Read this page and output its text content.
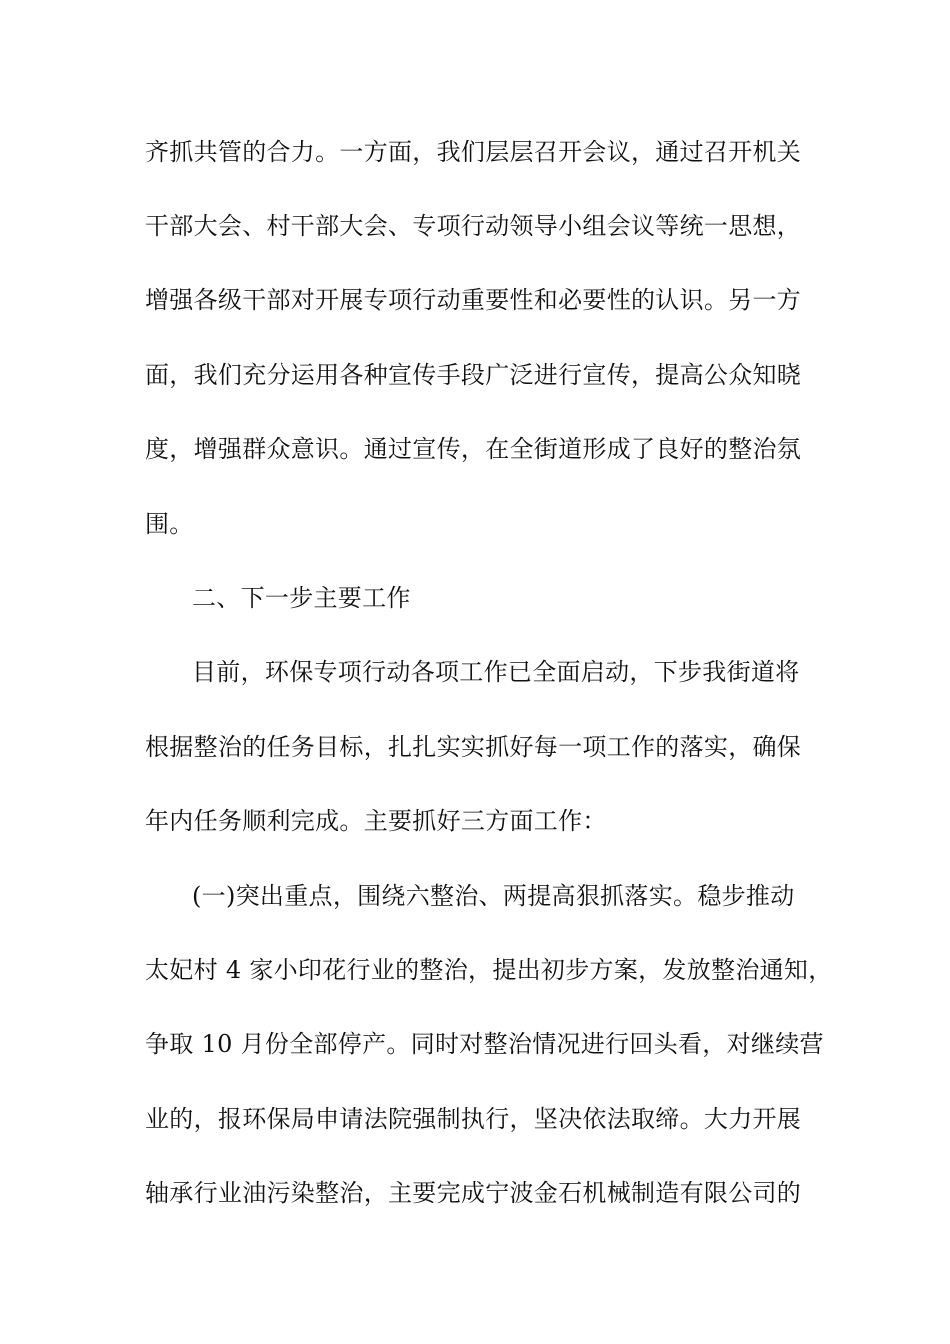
齐抓共管的合力。一方面，我们层层召开会议，通过召开机关
干部大会、村干部大会、专项行动领导小组会议等统一思想，
增强各级干部对开展专项行动重要性和必要性的认识。另一方
面，我们充分运用各种宣传手段广泛进行宣传，提高公众知晓
度，增强群众意识。通过宣传，在全街道形成了良好的整治氛
围。
二、下一步主要工作
目前，环保专项行动各项工作已全面启动，下步我街道将
根据整治的任务目标，扎扎实实抓好每一项工作的落实，确保
年内任务顺利完成。主要抓好三方面工作：
(一)突出重点，围绕六整治、两提高狠抓落实。稳步推动
太妃村 4 家小印花行业的整治，提出初步方案，发放整治通知，
争取 10 月份全部停产。同时对整治情况进行回头看，对继续营
业的，报环保局申请法院强制执行，坚决依法取缔。大力开展
轴承行业油污染整治，主要完成宁波金石机械制造有限公司的
